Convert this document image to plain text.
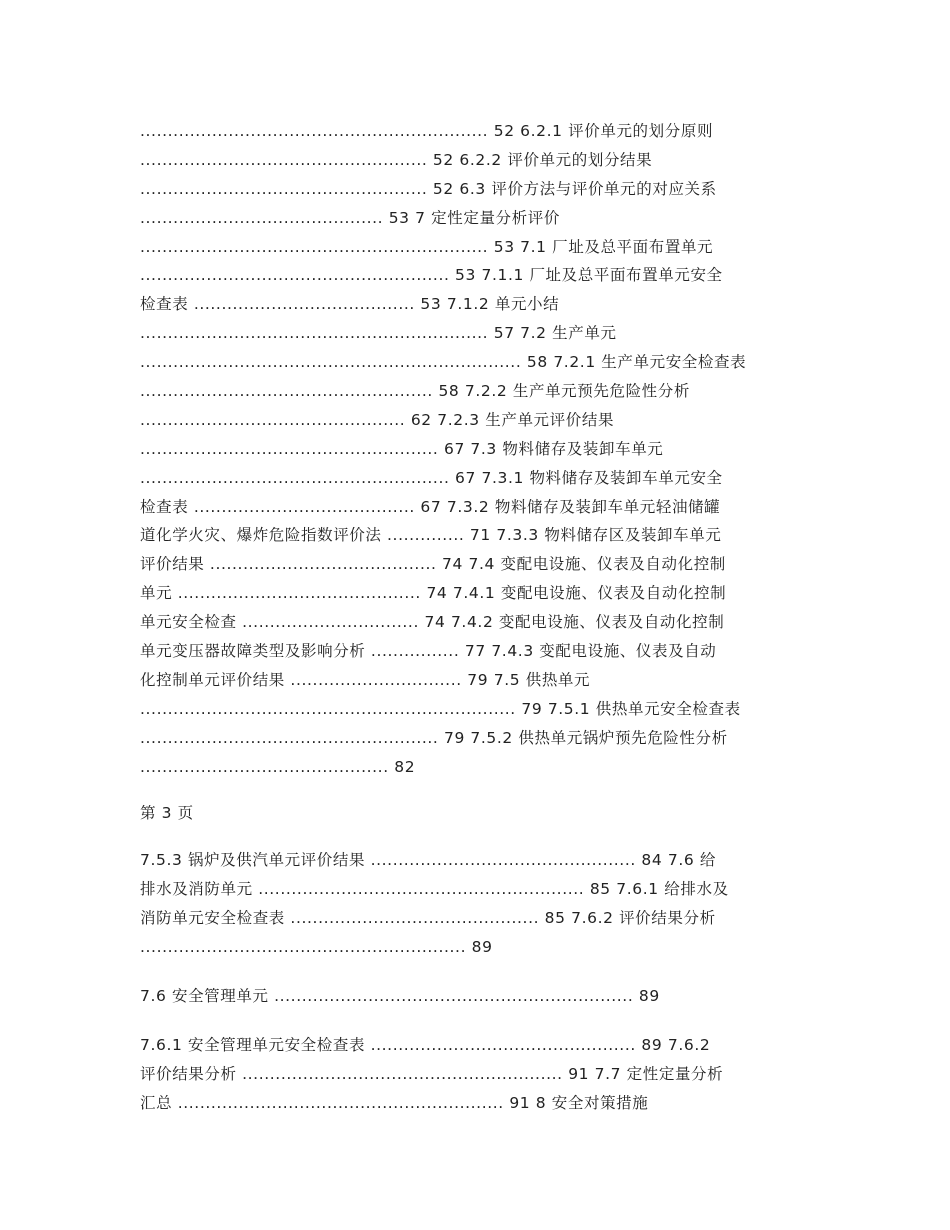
............................................................... 52 6.2.1 评价单元的划分原则
.................................................... 52 6.2.2 评价单元的划分结果
.................................................... 52 6.3 评价方法与评价单元的对应关系
............................................ 53 7 定性定量分析评价
............................................................... 53 7.1 厂址及总平面布置单元
........................................................ 53 7.1.1 厂址及总平面布置单元安全
检查表 ........................................ 53 7.1.2 单元小结
............................................................... 57 7.2 生产单元
..................................................................... 58 7.2.1 生产单元安全检查表
..................................................... 58 7.2.2 生产单元预先危险性分析
................................................ 62 7.2.3 生产单元评价结果
...................................................... 67 7.3 物料储存及装卸车单元
........................................................ 67 7.3.1 物料储存及装卸车单元安全
检查表 ........................................ 67 7.3.2 物料储存及装卸车单元轻油储罐
道化学火灾、爆炸危险指数评价法 .............. 71 7.3.3 物料储存区及装卸车单元
评价结果 ......................................... 74 7.4 变配电设施、仪表及自动化控制
单元 ............................................ 74 7.4.1 变配电设施、仪表及自动化控制
单元安全检查 ................................ 74 7.4.2 变配电设施、仪表及自动化控制
单元变压器故障类型及影响分析 ................ 77 7.4.3 变配电设施、仪表及自动
化控制单元评价结果 ............................... 79 7.5 供热单元
.................................................................... 79 7.5.1 供热单元安全检查表
...................................................... 79 7.5.2 供热单元锅炉预先危险性分析
............................................. 82
第 3 页
7.5.3 锅炉及供汽单元评价结果 ................................................ 84 7.6 给
排水及消防单元 ........................................................... 85 7.6.1 给排水及
消防单元安全检查表 ............................................. 85 7.6.2 评价结果分析
........................................................... 89
7.6 安全管理单元 ................................................................. 89
7.6.1 安全管理单元安全检查表 ................................................ 89 7.6.2
评价结果分析 .......................................................... 91 7.7 定性定量分析
汇总 ........................................................... 91 8 安全对策措施
